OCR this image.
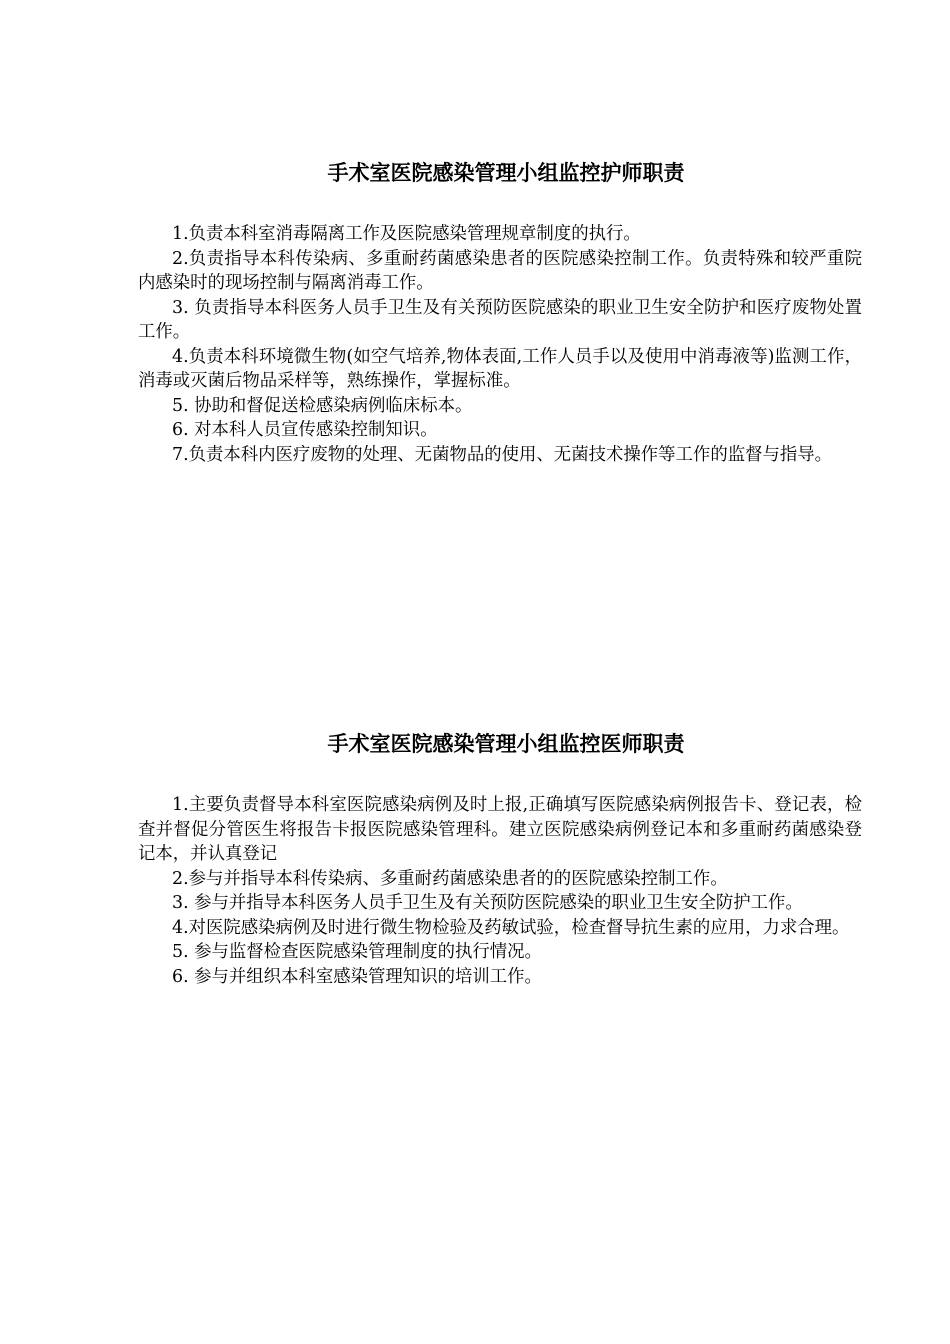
手术室医院感染管理小组监控护师职责

1.负责本科室消毒隔离工作及医院感染管理规章制度的执行。

2.负责指导本科传染病、多重耐药菌感染患者的医院感染控制工作。负责特殊和较严重院内感染时的现场控制与隔离消毒工作。

3. 负责指导本科医务人员手卫生及有关预防医院感染的职业卫生安全防护和医疗废物处置工作。

4.负责本科环境微生物(如空气培养,物体表面,工作人员手以及使用中消毒液等)监测工作，消毒或灭菌后物品采样等，熟练操作，掌握标准。

5. 协助和督促送检感染病例临床标本。

6. 对本科人员宣传感染控制知识。

7.负责本科内医疗废物的处理、无菌物品的使用、无菌技术操作等工作的监督与指导。

手术室医院感染管理小组监控医师职责

1.主要负责督导本科室医院感染病例及时上报,正确填写医院感染病例报告卡、登记表，检查并督促分管医生将报告卡报医院感染管理科。建立医院感染病例登记本和多重耐药菌感染登记本，并认真登记

2.参与并指导本科传染病、多重耐药菌感染患者的的医院感染控制工作。

3. 参与并指导本科医务人员手卫生及有关预防医院感染的职业卫生安全防护工作。

4.对医院感染病例及时进行微生物检验及药敏试验，检查督导抗生素的应用，力求合理。

5. 参与监督检查医院感染管理制度的执行情况。

6. 参与并组织本科室感染管理知识的培训工作。
